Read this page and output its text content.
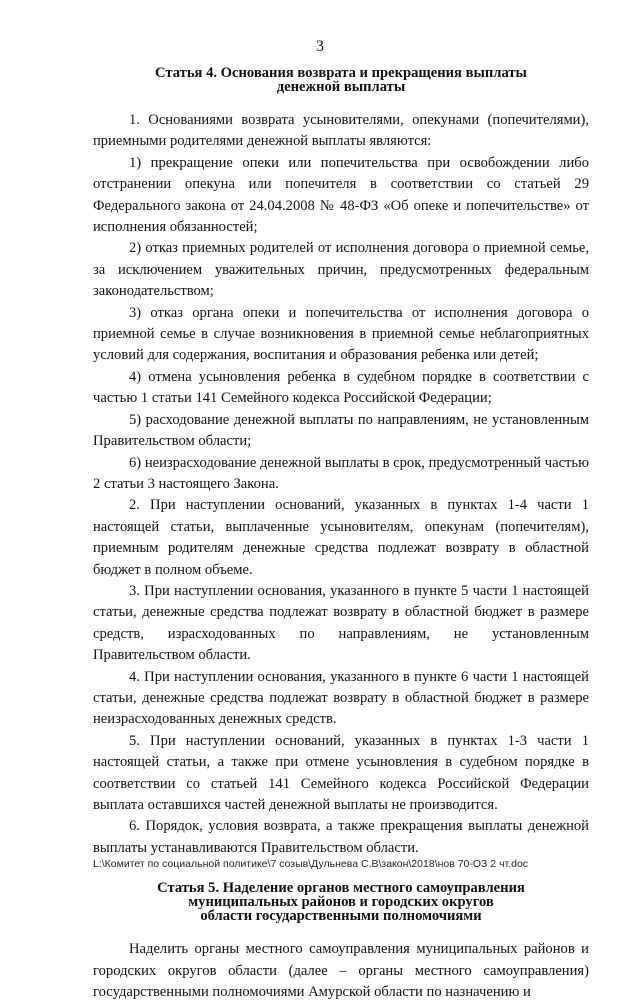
3
Статья 4. Основания возврата и прекращения выплаты
денежной выплаты

1. Основаниями возврата усыновителями, опекунами (попечителями), приемными родителями денежной выплаты являются:

1) прекращение опеки или попечительства при освобождении либо отстранении опекуна или попечителя в соответствии со статьей 29 Федерального закона от 24.04.2008 № 48-ФЗ «Об опеке и попечительстве» от исполнения обязанностей;

2) отказ приемных родителей от исполнения договора о приемной семье, за исключением уважительных причин, предусмотренных федеральным законодательством;

3) отказ органа опеки и попечительства от исполнения договора о приемной семье в случае возникновения в приемной семье неблагоприятных условий для содержания, воспитания и образования ребенка или детей;

4) отмена усыновления ребенка в судебном порядке в соответствии с частью 1 статьи 141 Семейного кодекса Российской Федерации;

5) расходование денежной выплаты по направлениям, не установленным Правительством области;

6) неизрасходование денежной выплаты в срок, предусмотренный частью 2 статьи 3 настоящего Закона.

2. При наступлении оснований, указанных в пунктах 1-4 части 1 настоящей статьи, выплаченные усыновителям, опекунам (попечителям), приемным родителям денежные средства подлежат возврату в областной бюджет в полном объеме.

3. При наступлении основания, указанного в пункте 5 части 1 настоящей статьи, денежные средства подлежат возврату в областной бюджет в размере средств, израсходованных по направлениям, не установленным Правительством области.

4. При наступлении основания, указанного в пункте 6 части 1 настоящей статьи, денежные средства подлежат возврату в областной бюджет в размере неизрасходованных денежных средств.

5. При наступлении оснований, указанных в пунктах 1-3 части 1 настоящей статьи, а также при отмене усыновления в судебном порядке в соответствии со статьей 141 Семейного кодекса Российской Федерации выплата оставшихся частей денежной выплаты не производится.

6. Порядок, условия возврата, а также прекращения выплаты денежной выплаты устанавливаются Правительством области.

Статья 5. Наделение органов местного самоуправления
муниципальных районов и городских округов
области государственными полномочиями

Наделить органы местного самоуправления муниципальных районов и городских округов области (далее – органы местного самоуправления) государственными полномочиями Амурской области по назначению и

L:\Комитет по социальной политике\7 созыв\Дульнева С.В\закон\2018\нов 70-ОЗ 2 чт.doc
